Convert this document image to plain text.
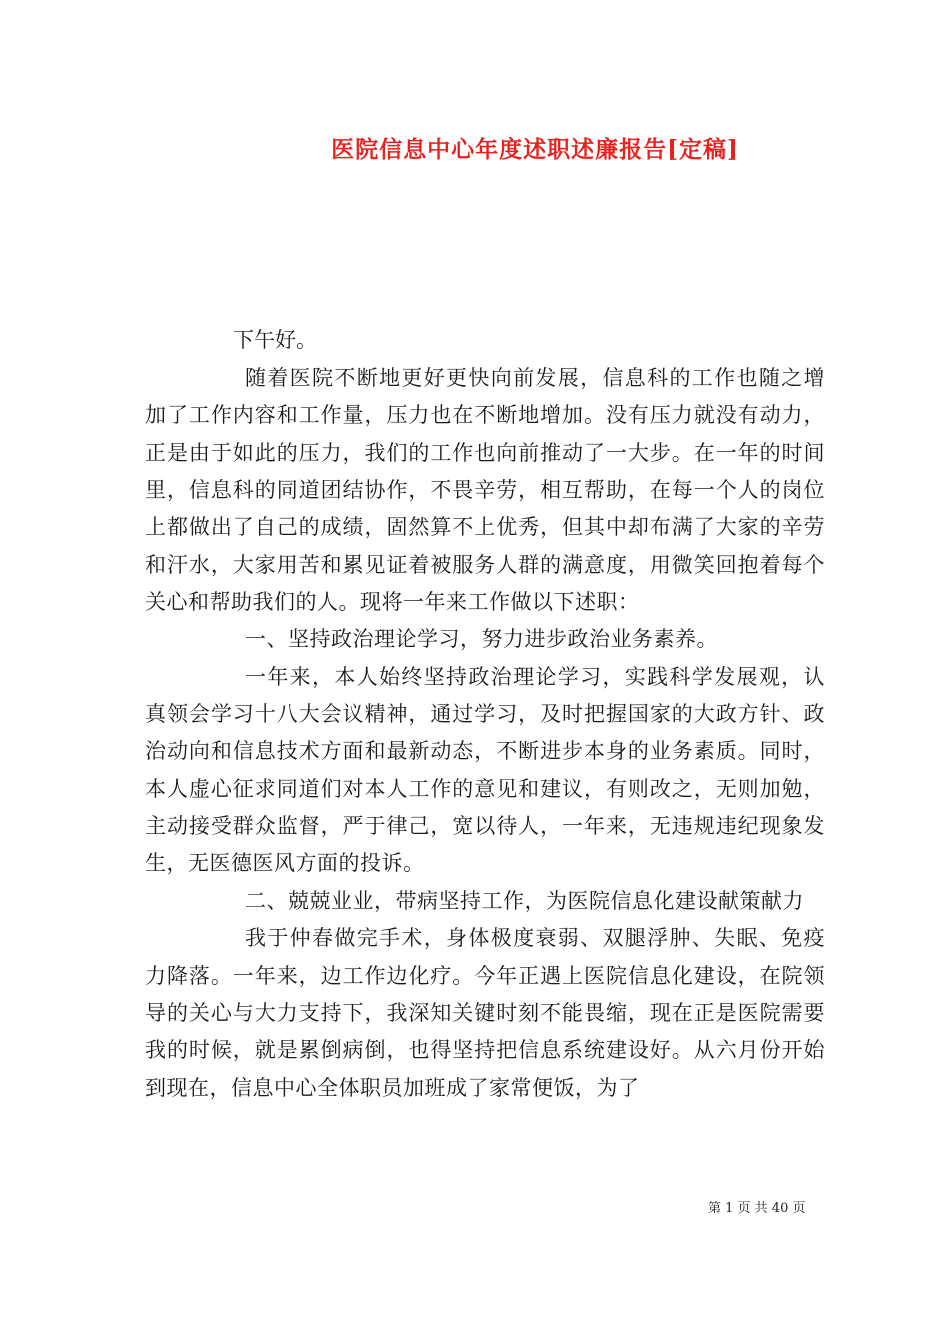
医院信息中心年度述职述廉报告[定稿]
下午好。

随着医院不断地更好更快向前发展，信息科的工作也随之增加了工作内容和工作量，压力也在不断地增加。没有压力就没有动力，正是由于如此的压力，我们的工作也向前推动了一大步。在一年的时间里，信息科的同道团结协作，不畏辛劳，相互帮助，在每一个人的岗位上都做出了自己的成绩，固然算不上优秀，但其中却布满了大家的辛劳和汗水，大家用苦和累见证着被服务人群的满意度，用微笑回抱着每个关心和帮助我们的人。现将一年来工作做以下述职：

一、坚持政治理论学习，努力进步政治业务素养。

一年来，本人始终坚持政治理论学习，实践科学发展观，认真领会学习十八大会议精神，通过学习，及时把握国家的大政方针、政治动向和信息技术方面和最新动态，不断进步本身的业务素质。同时，本人虚心征求同道们对本人工作的意见和建议，有则改之，无则加勉，主动接受群众监督，严于律己，宽以待人，一年来，无违规违纪现象发生，无医德医风方面的投诉。

二、兢兢业业，带病坚持工作，为医院信息化建设献策献力

我于仲春做完手术，身体极度衰弱、双腿浮肿、失眠、免疫力降落。一年来，边工作边化疗。今年正遇上医院信息化建设，在院领导的关心与大力支持下，我深知关键时刻不能畏缩，现在正是医院需要我的时候，就是累倒病倒，也得坚持把信息系统建设好。从六月份开始到现在，信息中心全体职员加班成了家常便饭，为了

第 1 页 共 40 页
